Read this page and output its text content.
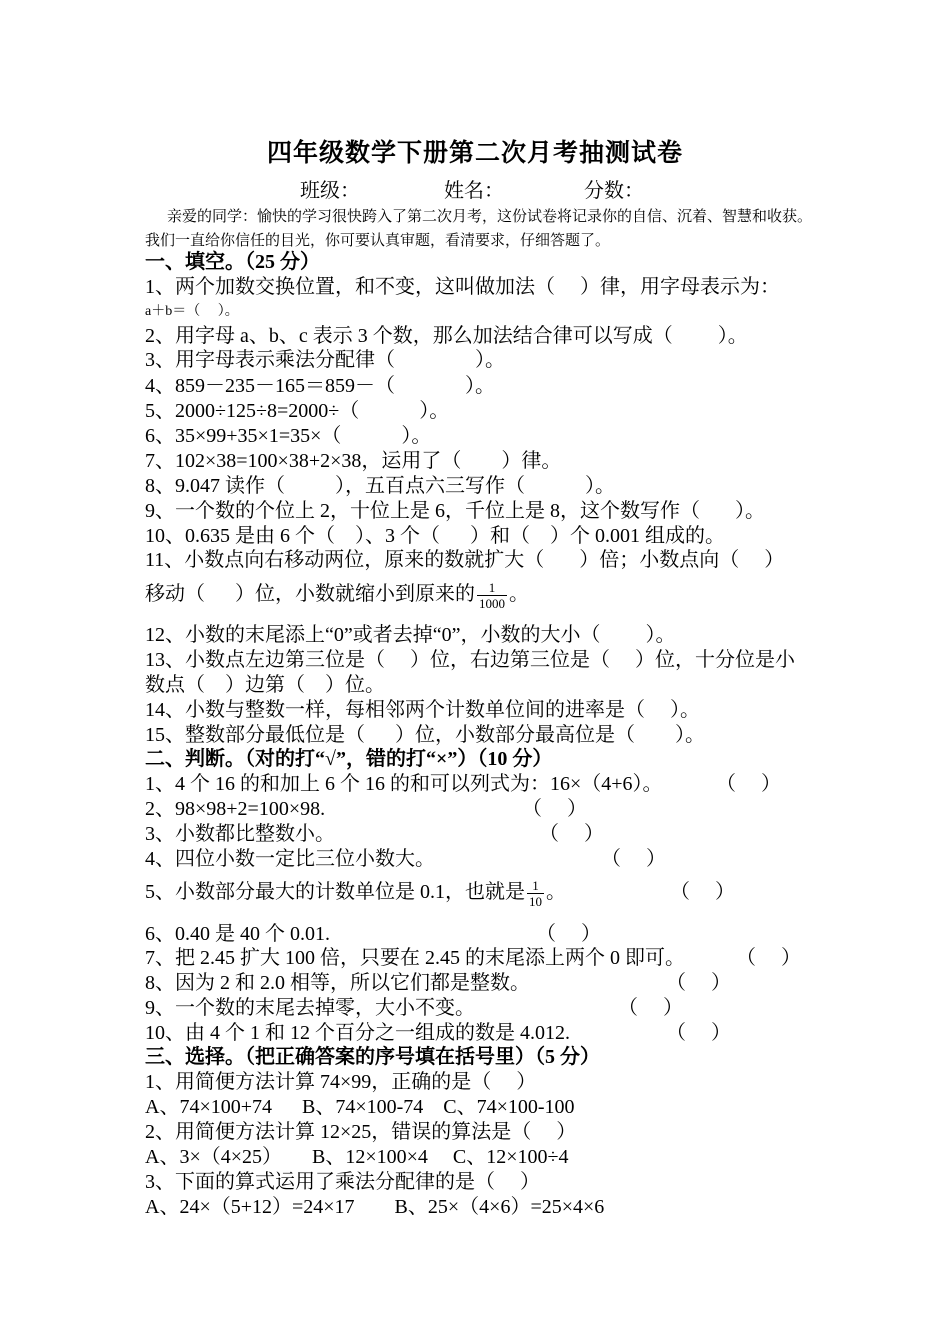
四年级数学下册第二次月考抽测试卷
班级：	姓名：	分数：
亲爱的同学：愉快的学习很快跨入了第二次月考，这份试卷将记录你的自信、沉着、智慧和收获。我们一直给你信任的目光，你可要认真审题，看清要求，仔细答题了。
一、填空。（25 分）
1、两个加数交换位置，和不变，这叫做加法（     ）律，用字母表示为：
a＋b＝（     ）。
2、用字母 a、b、c 表示 3 个数，那么加法结合律可以写成（         ）。
3、用字母表示乘法分配律（                ）。
4、859－235－165＝859－（              ）。
5、2000÷125÷8=2000÷（            ）。
6、35×99+35×1=35×（            ）。
7、102×38=100×38+2×38，运用了（        ）律。
8、9.047 读作（          ），五百点六三写作（            ）。
9、一个数的个位上 2，十位上是 6，千位上是 8，这个数写作（       ）。
10、0.635 是由 6 个（    ）、3 个（      ）和（    ）个 0.001 组成的。
11、小数点向右移动两位，原来的数就扩大（       ）倍；小数点向（     ）
移动（      ）位，小数就缩小到原来的 $\frac{1}{1000}$ 。
12、小数的末尾添上“0”或者去掉“0”，小数的大小（         ）。
13、小数点左边第三位是（     ）位，右边第三位是（     ）位，十分位是小
数点（    ）边第（    ）位。
14、小数与整数一样，每相邻两个计数单位间的进率是（     ）。
15、整数部分最低位是（      ）位，小数部分最高位是（        ）。
二、判断。（对的打“√”，错的打“×”）（10 分）
1、4 个 16 的和加上 6 个 16 的和可以列式为：16×（4+6）。	（     ）
2、98×98+2=100×98.	（     ）
3、小数都比整数小。	（     ）
4、四位小数一定比三位小数大。	（     ）
5、小数部分最大的计数单位是 0.1，也就是 $\frac{1}{10}$ 。	（     ）
6、0.40 是 40 个 0.01.	（     ）
7、把 2.45 扩大 100 倍，只要在 2.45 的末尾添上两个 0 即可。	（     ）
8、因为 2 和 2.0 相等，所以它们都是整数。	（     ）
9、一个数的末尾去掉零，大小不变。	（     ）
10、由 4 个 1 和 12 个百分之一组成的数是 4.012.	（     ）
三、选择。（把正确答案的序号填在括号里）（5 分）
1、用简便方法计算 74×99，正确的是（     ）
A、74×100+74      B、74×100-74    C、74×100-100
2、用简便方法计算 12×25，错误的算法是（     ）
A、3×（4×25）      B、12×100×4     C、12×100÷4
3、下面的算式运用了乘法分配律的是（     ）
A、24×（5+12）=24×17        B、25×（4×6）=25×4×6
